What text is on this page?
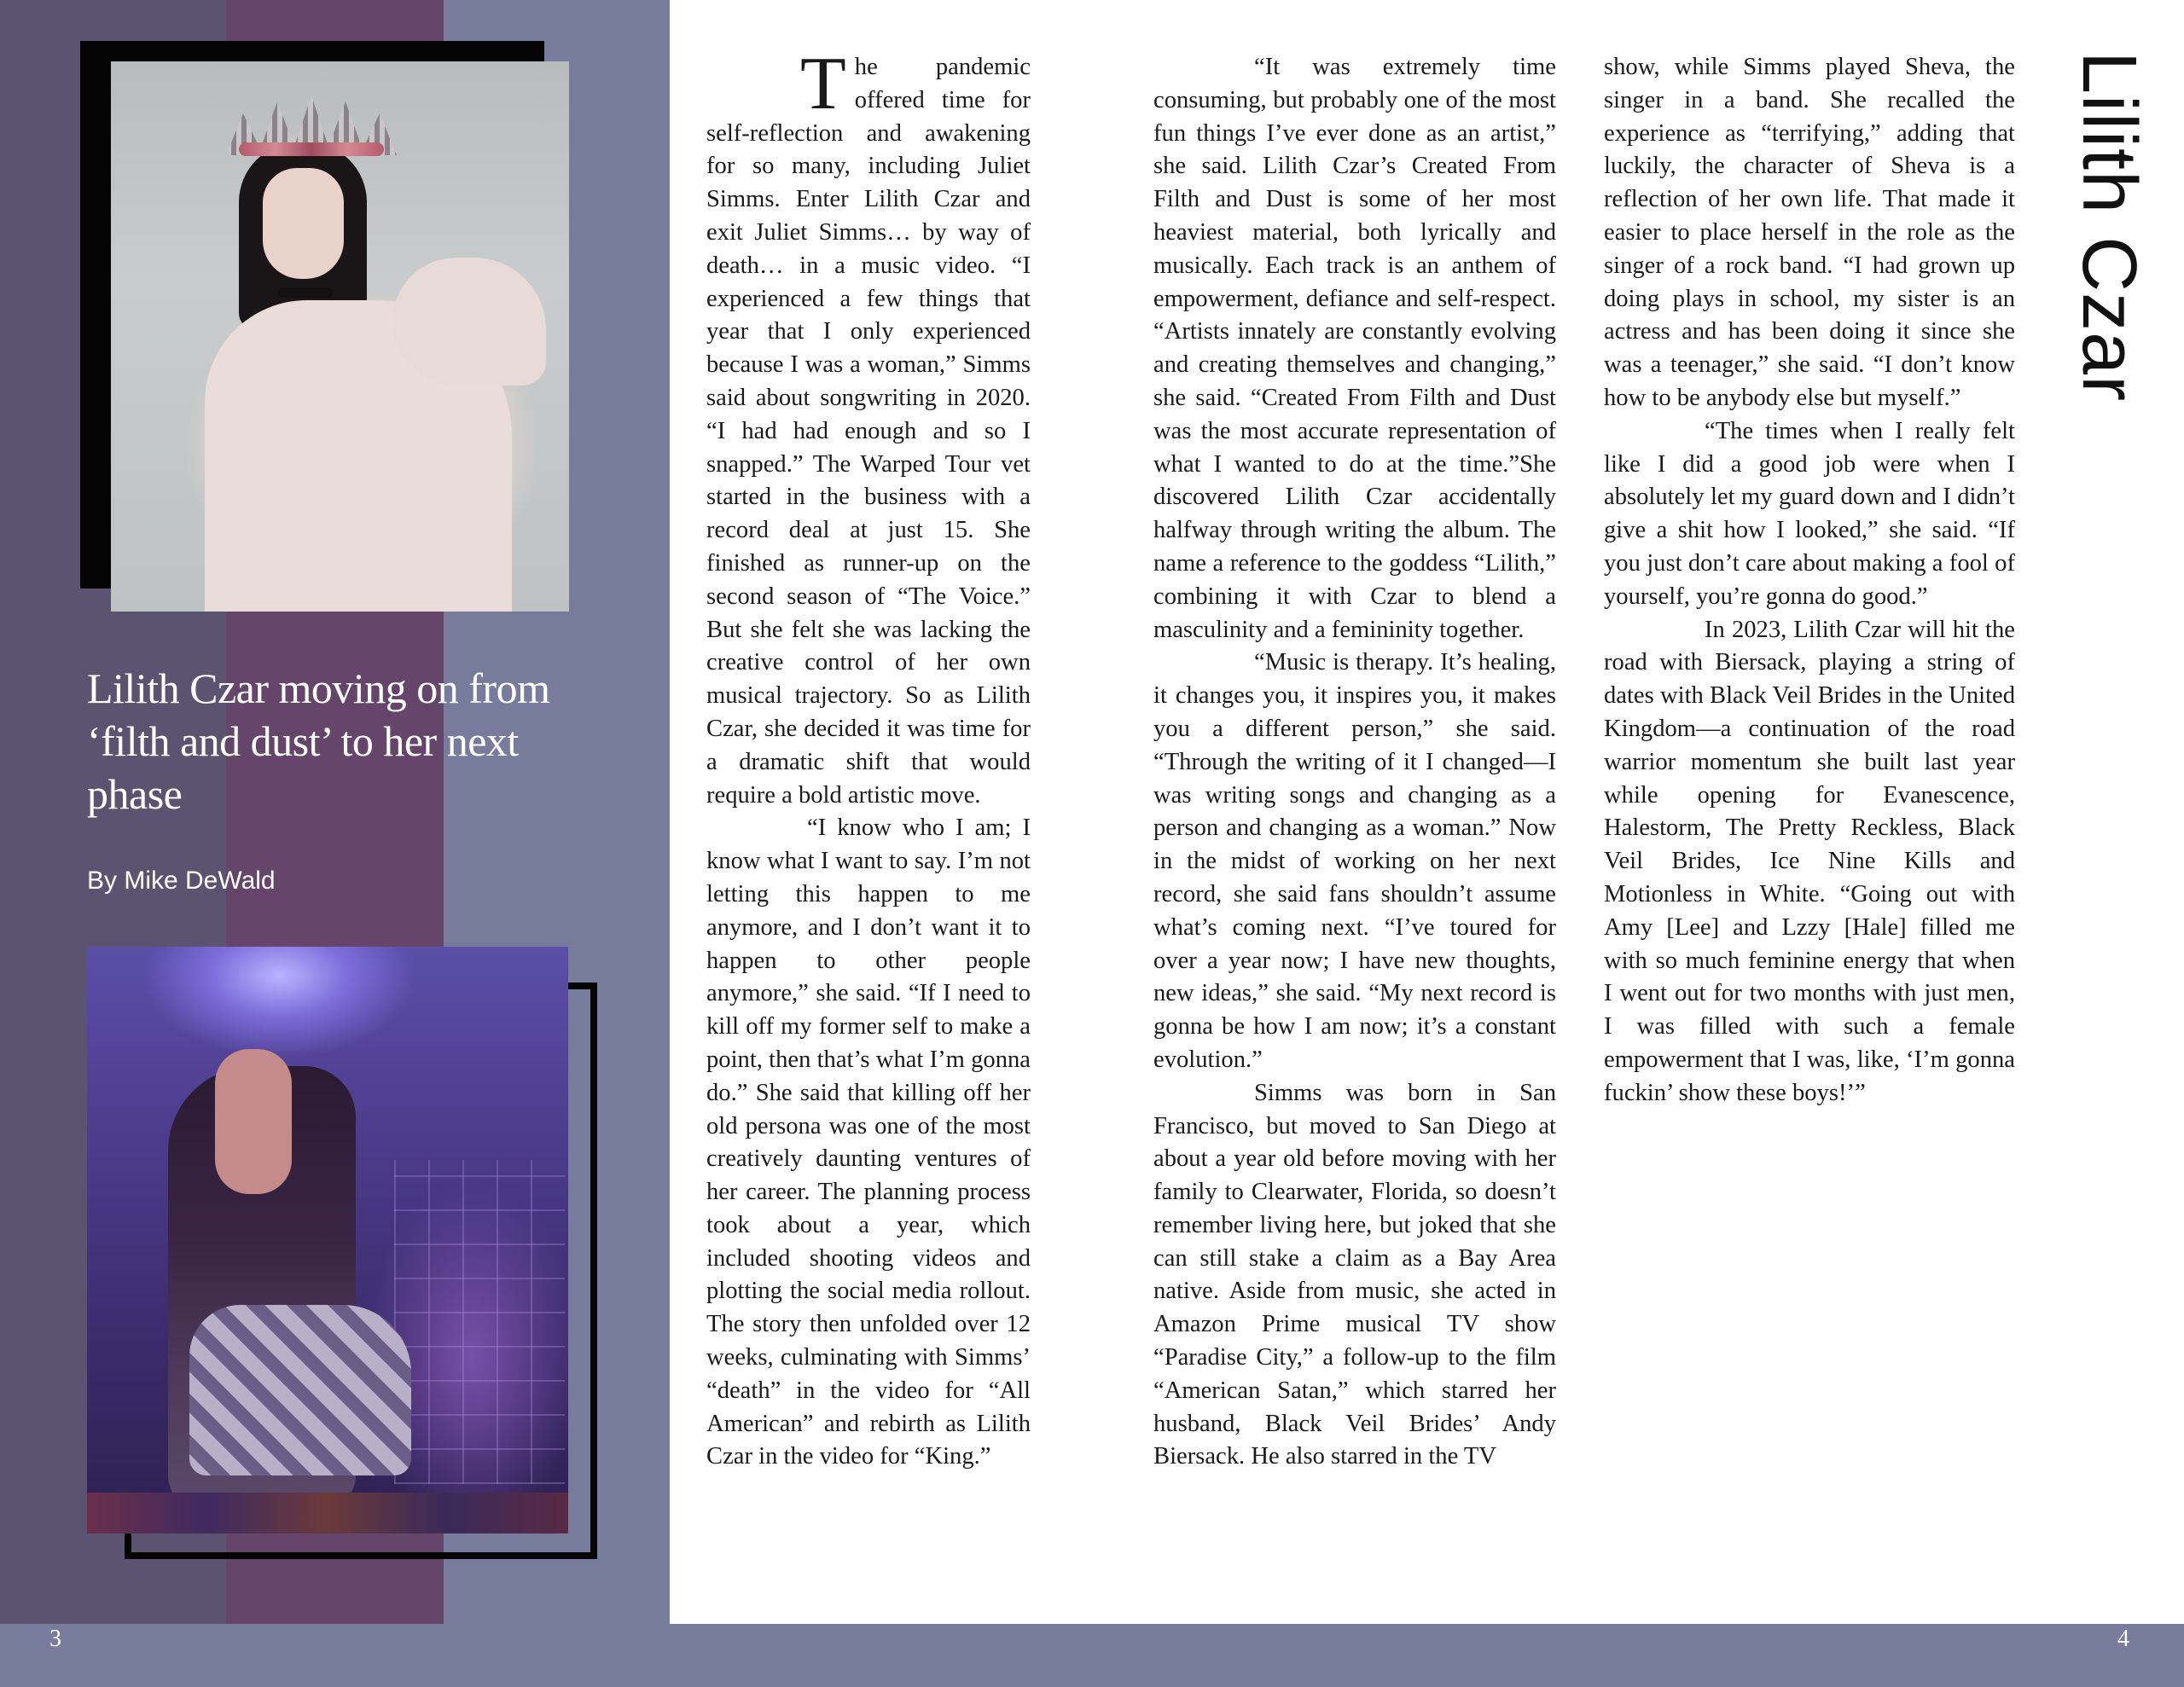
Lilith Czar moving on from ‘filth and dust’ to her next phase

By Mike DeWald

The pandemic offered time for self-reflection and awakening for so many, including Juliet Simms. Enter Lilith Czar and exit Juliet Simms… by way of death… in a music video. “I experienced a few things that year that I only experienced because I was a woman,” Simms said about songwriting in 2020. “I had had enough and so I snapped.” The Warped Tour vet started in the business with a record deal at just 15. She finished as runner-up on the second season of “The Voice.” But she felt she was lacking the creative control of her own musical trajectory. So as Lilith Czar, she decided it was time for a dramatic shift that would require a bold artistic move.

“I know who I am; I know what I want to say. I’m not letting this happen to me anymore, and I don’t want it to happen to other people anymore,” she said. “If I need to kill off my former self to make a point, then that’s what I’m gonna do.” She said that killing off her old persona was one of the most creatively daunting ventures of her career. The planning process took about a year, which included shooting videos and plotting the social media rollout. The story then unfolded over 12 weeks, culminating with Simms’ “death” in the video for “All American” and rebirth as Lilith Czar in the video for “King.”

“It was extremely time consuming, but probably one of the most fun things I’ve ever done as an artist,” she said. Lilith Czar’s Created From Filth and Dust is some of her most heaviest material, both lyrically and musically. Each track is an anthem of empowerment, defiance and self-respect. “Artists innately are constantly evolving and creating themselves and changing,” she said. “Created From Filth and Dust was the most accurate representation of what I wanted to do at the time.”She discovered Lilith Czar accidentally halfway through writing the album. The name a reference to the goddess “Lilith,” combining it with Czar to blend a masculinity and a femininity together.

“Music is therapy. It’s healing, it changes you, it inspires you, it makes you a different person,” she said. “Through the writing of it I changed—I was writing songs and changing as a person and changing as a woman.” Now in the midst of working on her next record, she said fans shouldn’t assume what’s coming next. “I’ve toured for over a year now; I have new thoughts, new ideas,” she said. “My next record is gonna be how I am now; it’s a constant evolution.”

Simms was born in San Francisco, but moved to San Diego at about a year old before moving with her family to Clearwater, Florida, so doesn’t remember living here, but joked that she can still stake a claim as a Bay Area native. Aside from music, she acted in Amazon Prime musical TV show “Paradise City,” a follow-up to the film “American Satan,” which starred her husband, Black Veil Brides’ Andy Biersack. He also starred in the TV

show, while Simms played Sheva, the singer in a band. She recalled the experience as “terrifying,” adding that luckily, the character of Sheva is a reflection of her own life. That made it easier to place herself in the role as the singer of a rock band. “I had grown up doing plays in school, my sister is an actress and has been doing it since she was a teenager,” she said. “I don’t know how to be anybody else but myself.”

“The times when I really felt like I did a good job were when I absolutely let my guard down and I didn’t give a shit how I looked,” she said. “If you just don’t care about making a fool of yourself, you’re gonna do good.”

In 2023, Lilith Czar will hit the road with Biersack, playing a string of dates with Black Veil Brides in the United Kingdom—a continuation of the road warrior momentum she built last year while opening for Evanescence, Halestorm, The Pretty Reckless, Black Veil Brides, Ice Nine Kills and Motionless in White. “Going out with Amy [Lee] and Lzzy [Hale] filled me with so much feminine energy that when I went out for two months with just men, I was filled with such a female empowerment that I was, like, ‘I’m gonna fuckin’ show these boys!’”

Lilith Czar
3	4
